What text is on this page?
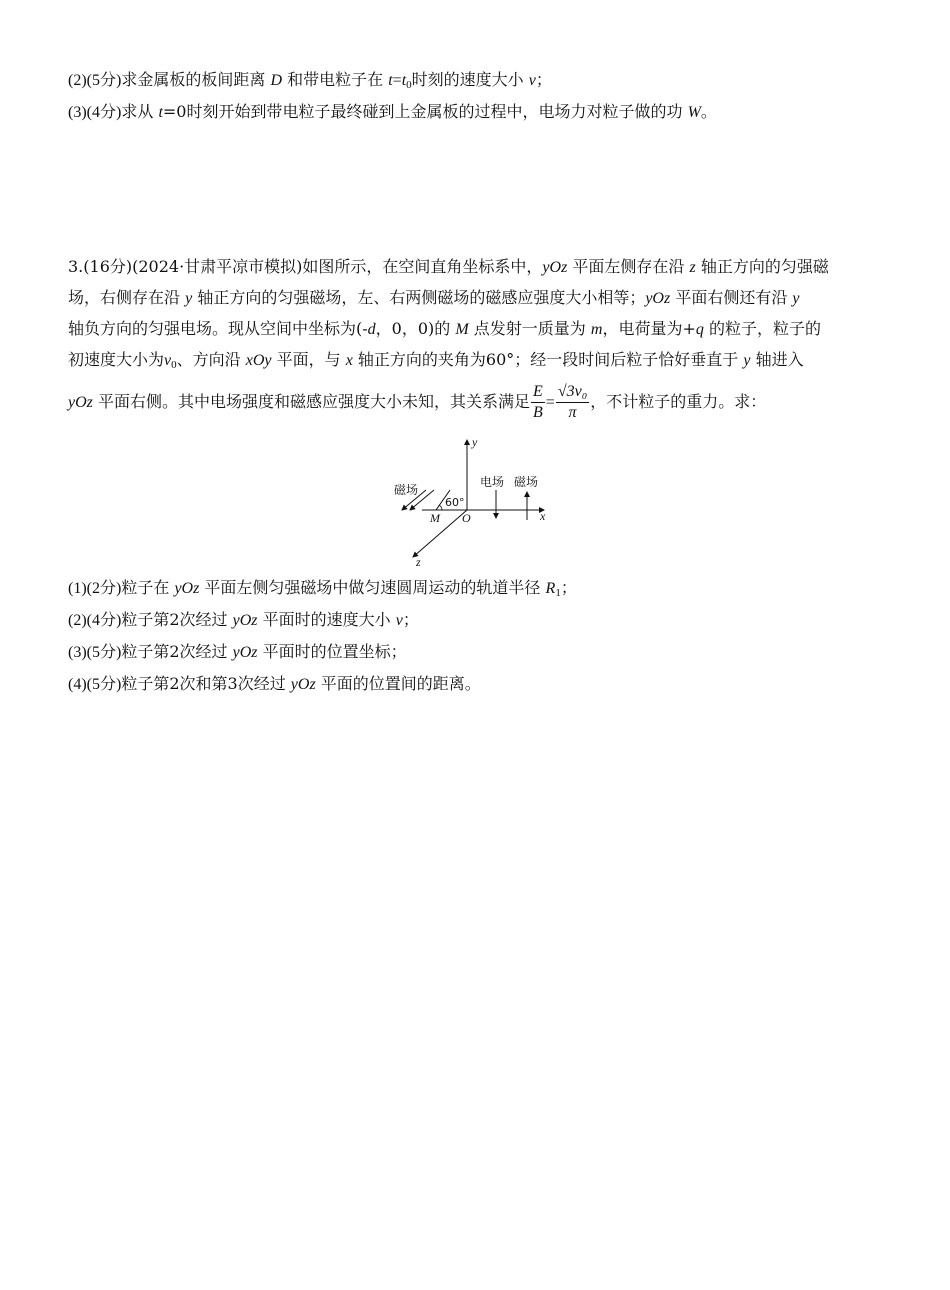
(2)(5分)求金属板的板间距离 D 和带电粒子在 $t=t_0$时刻的速度大小 v；
(3)(4分)求从 t=0时刻开始到带电粒子最终碰到上金属板的过程中，电场力对粒子做的功 W。
3.(16分)(2024·甘肃平凉市模拟)如图所示，在空间直角坐标系中，yOz 平面左侧存在沿 z 轴正方向的匀强磁
场，右侧存在沿 y 轴正方向的匀强磁场，左、右两侧磁场的磁感应强度大小相等；yOz 平面右侧还有沿 y
轴负方向的匀强电场。现从空间中坐标为(-d，0，0)的 M 点发射一质量为 m，电荷量为+q 的粒子，粒子的
初速度大小为$v_0$、方向沿 xOy 平面，与 x 轴正方向的夹角为60°；经一段时间后粒子恰好垂直于 y 轴进入
yOz 平面右侧。其中电场强度和磁感应强度大小未知，其关系满足 $\frac{E}{B} = \frac{\text{√3v₀}}{\pi}$ ，不计粒子的重力。求：
y
x
z
O
M
60°
磁场
电场 磁场
(1)(2分)粒子在 yOz 平面左侧匀强磁场中做匀速圆周运动的轨道半径 $R_1$；
(2)(4分)粒子第2次经过 yOz 平面时的速度大小 v；
(3)(5分)粒子第2次经过 yOz 平面时的位置坐标；
(4)(5分)粒子第2次和第3次经过 yOz 平面的位置间的距离。
